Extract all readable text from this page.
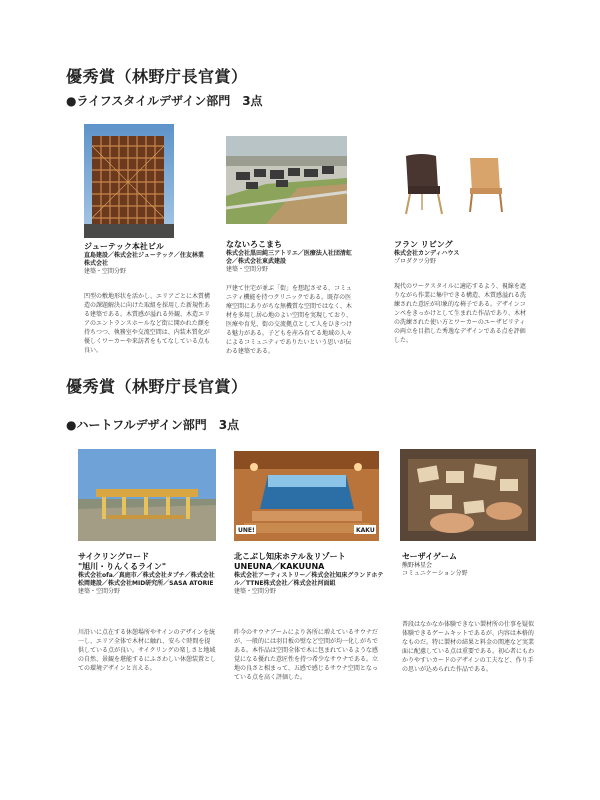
優秀賞（林野庁長官賞）
●ライフスタイルデザイン部門　3点
ジューテック本社ビル
直島建設／株式会社ジューテック／住友林業
株式会社
建築・空間分野
凹型の敷地形状を活かし、エリアごとに木質構造の課題解決に向けた取組を採用した新規性ある建築である。木質感が溢れる外観、木造エリアのエントランスホールなど街に開かれた顔を持ちつつ、執務室や交流空間は、内装木質化が優しくワーカーや来訪者をもてなしている点も良い。
なないろこまち
株式会社黒田純三アトリエ／医療法人社団清虹会／株式会社東武建設
建築・空間分野
戸建て住宅が並ぶ「街」を想起させる、コミュニティ機能を持つクリニックである。既存の医療空間にありがちな無機質な空間ではなく、木材を多用し居心地のよい空間を実現しており、医療や育児、街の交流拠点として人をひきつける魅力がある。子どもを産み育てる地域の人々によるコミュニティでありたいという思いが伝わる建築である。
フラン リビング
株式会社カンディハウス
プロダクツ分野
現代のワークスタイルに適応するよう、視線を遮りながら作業に集中できる構造、木質感溢れる洗練された意匠が印象的な椅子である。デザインコンペをきっかけとして生まれた作品であり、木材の洗練された使い方とワーカーのユーザビリティの両立を目指した秀逸なデザインである点を評価した。
優秀賞（林野庁長官賞）
●ハートフルデザイン部門　3点
サイクリングロード
"旭川・りんくるライン"
株式会社ofa／真庭市／株式会社タブチ／株式会社松岡建設／株式会社MID研究所／SASA ATORIE
建築・空間分野
川沿いに点在する休憩場所やサインのデザインを統一し、エリア全体で木材に触れ、安らぐ時間を提供している点が良い。サイクリングの楽しさと地域の自然、景観を堪能するにふさわしい休憩装置としての環境デザインと言える。
UNE!	KAKU
北こぶし知床ホテル＆リゾート
UNEUNA／KAKUUNA
株式会社アーティストリー／株式会社知床グランドホテル／TTNE株式会社／株式会社河面組
建築・空間分野
昨今のサウナブームにより各所に増えているサウナだが、一般的には羽目板の壁など空間が均一化しがちである。本作品は空間全体で木に包まれているような感覚になる優れた意匠性を持つ希少なサウナである。立地の良さと相まって、五感で感じるサウナ空間となっている点を高く評価した。
セーザイゲーム
熊野林星会
コミュニケーション分野
普段はなかなか体験できない製材所の仕事を疑似体験できるゲームキットであるが、内容は本格的なものだ。特に製材の結果と料金の関連など実業面に配慮している点は重要である。初心者にもわかりやすいカードのデザインの工夫など、作り手の思いが込められた作品である。
